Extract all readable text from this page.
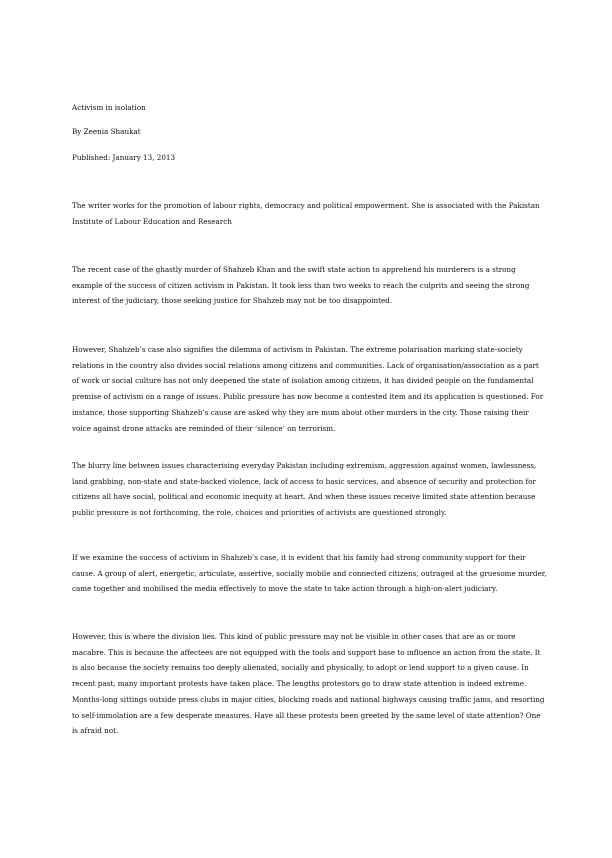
Activism in isolation
By Zeenia Shaukat
Published: January 13, 2013
The writer works for the promotion of labour rights, democracy and political empowerment. She is associated with the Pakistan Institute of Labour Education and Research
The recent case of the ghastly murder of Shahzeb Khan and the swift state action to apprehend his murderers is a strong example of the success of citizen activism in Pakistan. It took less than two weeks to reach the culprits and seeing the strong interest of the judiciary, those seeking justice for Shahzeb may not be too disappointed.
However, Shahzeb’s case also signifies the dilemma of activism in Pakistan. The extreme polarisation marking state-society relations in the country also divides social relations among citizens and communities. Lack of organisation/association as a part of work or social culture has not only deepened the state of isolation among citizens, it has divided people on the fundamental premise of activism on a range of issues. Public pressure has now become a contested item and its application is questioned. For instance, those supporting Shahzeb’s cause are asked why they are mum about other murders in the city. Those raising their voice against drone attacks are reminded of their ‘silence’ on terrorism.
The blurry line between issues characterising everyday Pakistan including extremism, aggression against women, lawlessness, land grabbing, non-state and state-backed violence, lack of access to basic services, and absence of security and protection for citizens all have social, political and economic inequity at heart. And when these issues receive limited state attention because public pressure is not forthcoming, the role, choices and priorities of activists are questioned strongly.
If we examine the success of activism in Shahzeb’s case, it is evident that his family had strong community support for their cause. A group of alert, energetic, articulate, assertive, socially mobile and connected citizens, outraged at the gruesome murder, came together and mobilised the media effectively to move the state to take action through a high-on-alert judiciary.
However, this is where the division lies. This kind of public pressure may not be visible in other cases that are as or more macabre. This is because the affectees are not equipped with the tools and support base to influence an action from the state. It is also because the society remains too deeply alienated, socially and physically, to adopt or lend support to a given cause. In recent past, many important protests have taken place. The lengths protestors go to draw state attention is indeed extreme. Months-long sittings outside press clubs in major cities, blocking roads and national highways causing traffic jams, and resorting to self-immolation are a few desperate measures. Have all these protests been greeted by the same level of state attention? One is afraid not.
